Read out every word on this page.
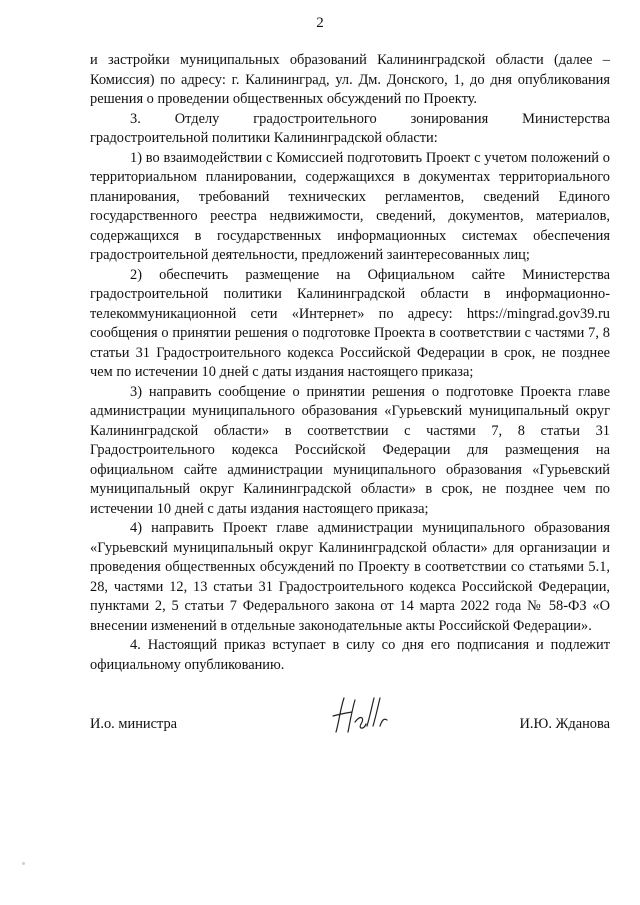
2

и застройки муниципальных образований Калининградской области (далее – Комиссия) по адресу: г. Калининград, ул. Дм. Донского, 1, до дня опубликования решения о проведении общественных обсуждений по Проекту.

3. Отделу градостроительного зонирования Министерства градостроительной политики Калининградской области:

1) во взаимодействии с Комиссией подготовить Проект с учетом положений о территориальном планировании, содержащихся в документах территориального планирования, требований технических регламентов, сведений Единого государственного реестра недвижимости, сведений, документов, материалов, содержащихся в государственных информационных системах обеспечения градостроительной деятельности, предложений заинтересованных лиц;

2) обеспечить размещение на Официальном сайте Министерства градостроительной политики Калининградской области в информационно-телекоммуникационной сети «Интернет» по адресу: https://mingrad.gov39.ru сообщения о принятии решения о подготовке Проекта в соответствии с частями 7, 8 статьи 31 Градостроительного кодекса Российской Федерации в срок, не позднее чем по истечении 10 дней с даты издания настоящего приказа;

3) направить сообщение о принятии решения о подготовке Проекта главе администрации муниципального образования «Гурьевский муниципальный округ Калининградской области» в соответствии с частями 7, 8 статьи 31 Градостроительного кодекса Российской Федерации для размещения на официальном сайте администрации муниципального образования «Гурьевский муниципальный округ Калининградской области» в срок, не позднее чем по истечении 10 дней с даты издания настоящего приказа;

4) направить Проект главе администрации муниципального образования «Гурьевский муниципальный округ Калининградской области» для организации и проведения общественных обсуждений по Проекту в соответствии со статьями 5.1, 28, частями 12, 13 статьи 31 Градостроительного кодекса Российской Федерации, пунктами 2, 5 статьи 7 Федерального закона от 14 марта 2022 года № 58-ФЗ «О внесении изменений в отдельные законодательные акты Российской Федерации».

4. Настоящий приказ вступает в силу со дня его подписания и подлежит официальному опубликованию.

И.о. министра	И.Ю. Жданова
